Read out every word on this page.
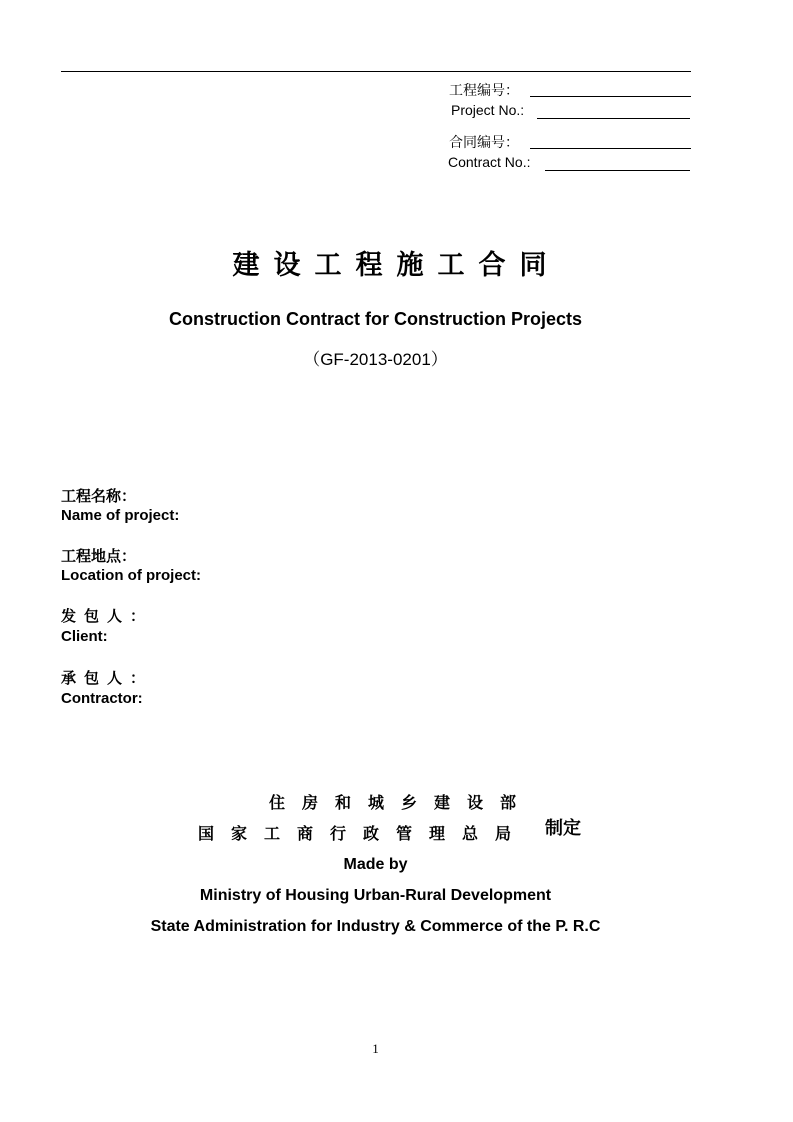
工程编号：
Project No.:
合同编号：
Contract No.:
建设工程施工合同
Construction Contract for Construction Projects
（GF-2013-0201）
工程名称：
Name of project:
工程地点：
Location of project:
发包人：
Client:
承包人：
Contractor:
住房和城乡建设部
国家工商行政管理总局 制定
Made by
Ministry of Housing Urban-Rural Development
State Administration for Industry & Commerce of the P. R.C
1
